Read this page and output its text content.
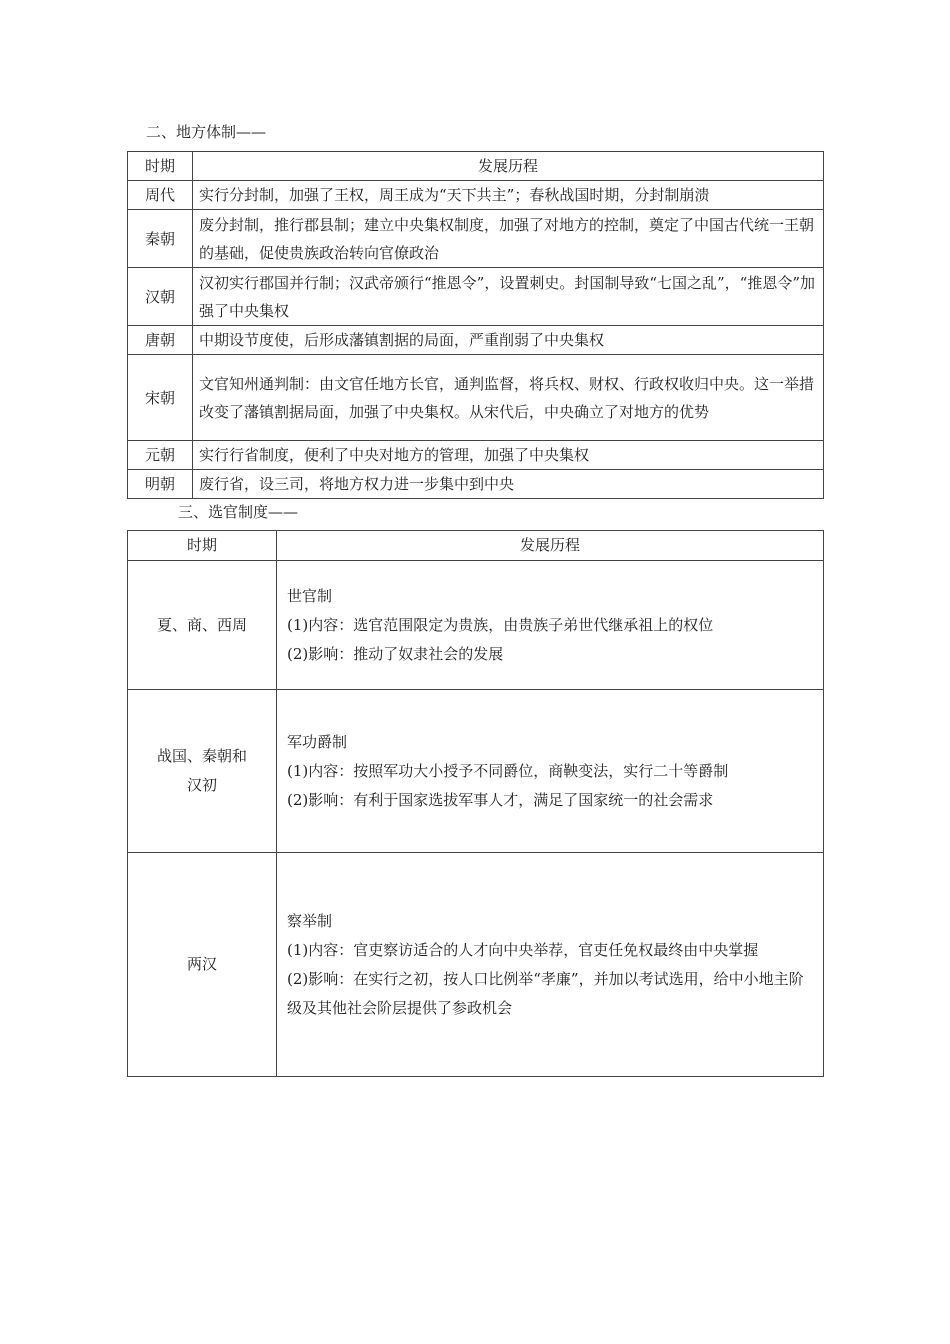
二、地方体制——
时期	发展历程
周代	实行分封制，加强了王权，周王成为“天下共主”；春秋战国时期，分封制崩溃
秦朝	废分封制，推行郡县制；建立中央集权制度，加强了对地方的控制，奠定了中国古代统一王朝的基础，促使贵族政治转向官僚政治
汉朝	汉初实行郡国并行制；汉武帝颁行“推恩令”，设置刺史。封国制导致“七国之乱”，“推恩令”加强了中央集权
唐朝	中期设节度使，后形成藩镇割据的局面，严重削弱了中央集权
宋朝	文官知州通判制：由文官任地方长官，通判监督，将兵权、财权、行政权收归中央。这一举措改变了藩镇割据局面，加强了中央集权。从宋代后，中央确立了对地方的优势
元朝	实行行省制度，便利了中央对地方的管理，加强了中央集权
明朝	废行省，设三司，将地方权力进一步集中到中央
三、选官制度——
时期	发展历程
夏、商、西周	世官制
(1)内容：选官范围限定为贵族，由贵族子弟世代继承祖上的权位
(2)影响：推动了奴隶社会的发展

战国、秦朝和汉初	军功爵制
(1)内容：按照军功大小授予不同爵位，商鞅变法，实行二十等爵制
(2)影响：有利于国家选拔军事人才，满足了国家统一的社会需求

两汉	察举制
(1)内容：官吏察访适合的人才向中央举荐，官吏任免权最终由中央掌握
(2)影响：在实行之初，按人口比例举“孝廉”，并加以考试选用，给中小地主阶级及其他社会阶层提供了参政机会
